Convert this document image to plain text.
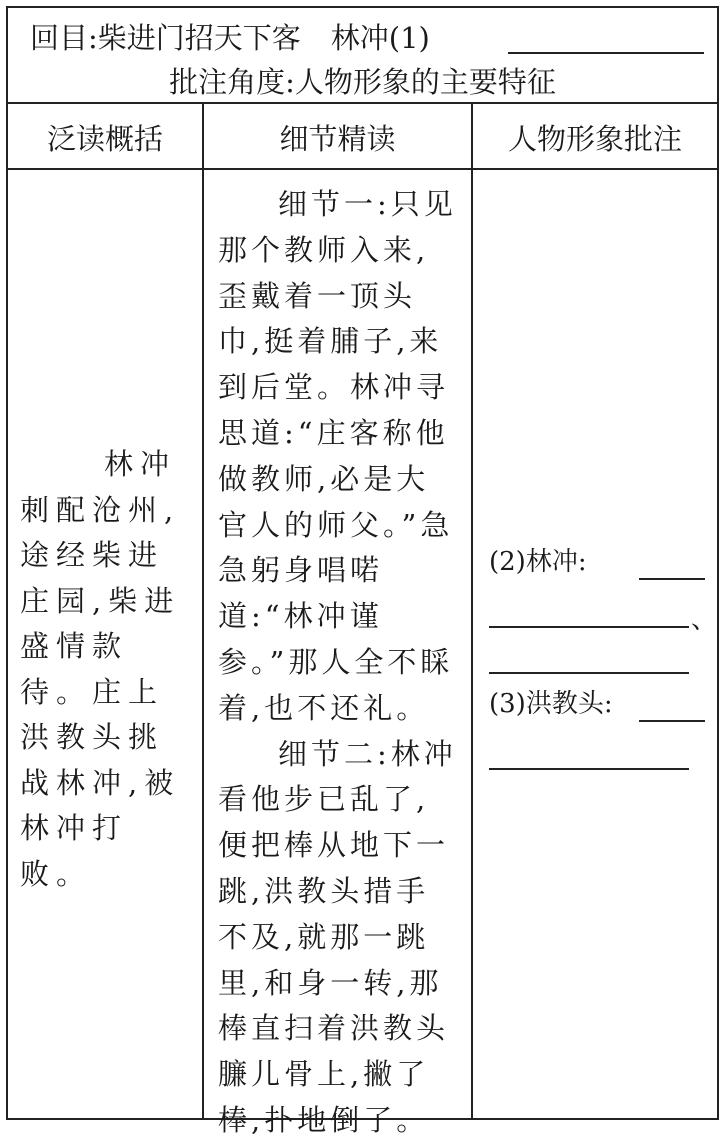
回目:柴进门招天下客 林冲(1)
批注角度:人物形象的主要特征
泛读概括	细节精读	人物形象批注
林冲刺配沧州,途经柴进庄园,柴进盛情款待。庄上洪教头挑战林冲,被林冲打败。
细节一:只见那个教师入来,歪戴着一顶头巾,挺着脯子,来到后堂。林冲寻思道:“庄客称他做教师,必是大官人的师父。”急急躬身唱喏道:“林冲谨参。”那人全不睬着,也不还礼。
细节二:林冲看他步已乱了,便把棒从地下一跳,洪教头措手不及,就那一跳里,和身一转,那棒直扫着洪教头臁儿骨上,撇了棒,扑地倒了。
(2)林冲:
、
(3)洪教头:
